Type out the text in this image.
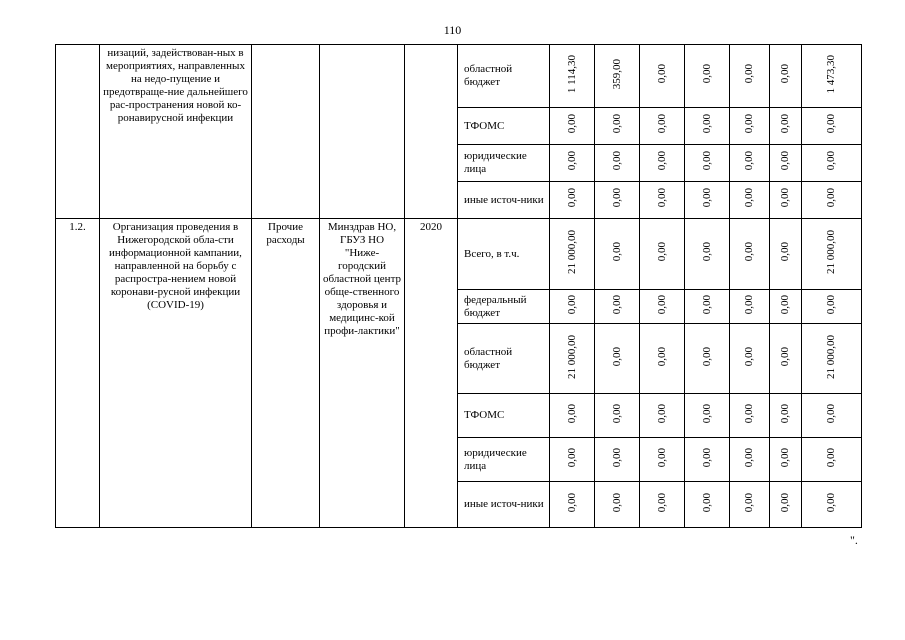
110
	низаций, задействован-ных в мероприятиях, направленных на недо-пущение и предотвраще-ние дальнейшего рас-пространения новой ко-ронавирусной инфекции				областной бюджет	1 114,30	359,00	0,00	0,00	0,00	0,00	1 473,30
					ТФОМС	0,00	0,00	0,00	0,00	0,00	0,00	0,00
					юридические лица	0,00	0,00	0,00	0,00	0,00	0,00	0,00
					иные источ-ники	0,00	0,00	0,00	0,00	0,00	0,00	0,00
1.2.	Организация проведения в Нижегородской обла-сти информационной кампании, направленной на борьбу с распростра-нением новой коронави-русной инфекции (COVID-19)	Прочие расходы	Минздрав НО, ГБУЗ НО "Ниже-городский областной центр обще-ственного здоровья и медицинс-кой профи-лактики"	2020	Всего, в т.ч.	21 000,00	0,00	0,00	0,00	0,00	0,00	21 000,00
					федеральный бюджет	0,00	0,00	0,00	0,00	0,00	0,00	0,00
					областной бюджет	21 000,00	0,00	0,00	0,00	0,00	0,00	21 000,00
					ТФОМС	0,00	0,00	0,00	0,00	0,00	0,00	0,00
					юридические лица	0,00	0,00	0,00	0,00	0,00	0,00	0,00
					иные источ-ники	0,00	0,00	0,00	0,00	0,00	0,00	0,00
".
